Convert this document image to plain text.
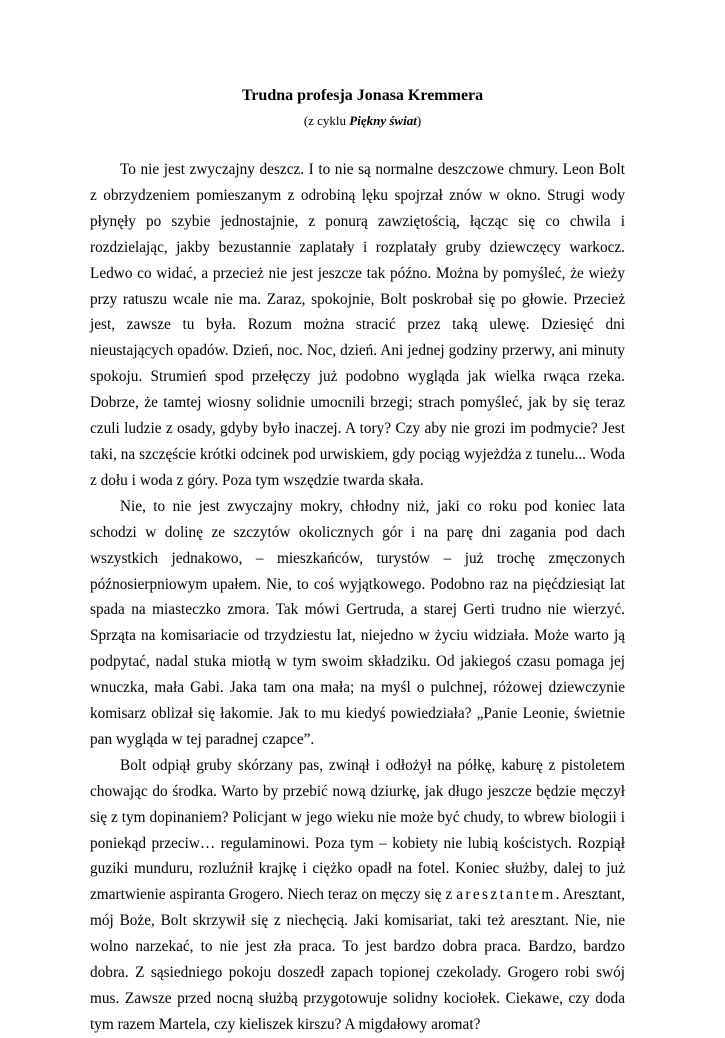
Trudna profesja Jonasa Kremmera
(z cyklu Piękny świat)

To nie jest zwyczajny deszcz. I to nie są normalne deszczowe chmury. Leon Bolt z obrzydzeniem pomieszanym z odrobiną lęku spojrzał znów w okno. Strugi wody płynęły po szybie jednostajnie, z ponurą zawziętością, łącząc się co chwila i rozdzielając, jakby bezustannie zaplatały i rozplatały gruby dziewczęcy warkocz. Ledwo co widać, a przecież nie jest jeszcze tak późno. Można by pomyśleć, że wieży przy ratuszu wcale nie ma. Zaraz, spokojnie, Bolt poskrobał się po głowie. Przecież jest, zawsze tu była. Rozum można stracić przez taką ulewę. Dziesięć dni nieustających opadów. Dzień, noc. Noc, dzień. Ani jednej godziny przerwy, ani minuty spokoju. Strumień spod przełęczy już podobno wygląda jak wielka rwąca rzeka. Dobrze, że tamtej wiosny solidnie umocnili brzegi; strach pomyśleć, jak by się teraz czuli ludzie z osady, gdyby było inaczej. A tory? Czy aby nie grozi im podmycie? Jest taki, na szczęście krótki odcinek pod urwiskiem, gdy pociąg wyjeżdża z tunelu... Woda z dołu i woda z góry. Poza tym wszędzie twarda skała.

Nie, to nie jest zwyczajny mokry, chłodny niż, jaki co roku pod koniec lata schodzi w dolinę ze szczytów okolicznych gór i na parę dni zagania pod dach wszystkich jednakowo, – mieszkańców, turystów – już trochę zmęczonych późnosierpniowym upałem. Nie, to coś wyjątkowego. Podobno raz na pięćdziesiąt lat spada na miasteczko zmora. Tak mówi Gertruda, a starej Gerti trudno nie wierzyć. Sprząta na komisariacie od trzydziestu lat, niejedno w życiu widziała. Może warto ją podpytać, nadal stuka miotłą w tym swoim składziku. Od jakiegoś czasu pomaga jej wnuczka, mała Gabi. Jaka tam ona mała; na myśl o pulchnej, różowej dziewczynie komisarz oblizał się łakomie. Jak to mu kiedyś powiedziała? „Panie Leonie, świetnie pan wygląda w tej paradnej czapce”.

Bolt odpiął gruby skórzany pas, zwinął i odłożył na półkę, kaburę z pistoletem chowając do środka. Warto by przebić nową dziurkę, jak długo jeszcze będzie męczył się z tym dopinaniem? Policjant w jego wieku nie może być chudy, to wbrew biologii i poniekąd przeciw… regulaminowi. Poza tym – kobiety nie lubią kościstych. Rozpiął guziki munduru, rozluźnił krajkę i ciężko opadł na fotel. Koniec służby, dalej to już zmartwienie aspiranta Grogero. Niech teraz on męczy się z aresztantem. Aresztant, mój Boże, Bolt skrzywił się z niechęcią. Jaki komisariat, taki też aresztant. Nie, nie wolno narzekać, to nie jest zła praca. To jest bardzo dobra praca. Bardzo, bardzo dobra. Z sąsiedniego pokoju doszedł zapach topionej czekolady. Grogero robi swój mus. Zawsze przed nocną służbą przygotowuje solidny kociołek. Ciekawe, czy doda tym razem Martela, czy kieliszek kirszu? A migdałowy aromat?
